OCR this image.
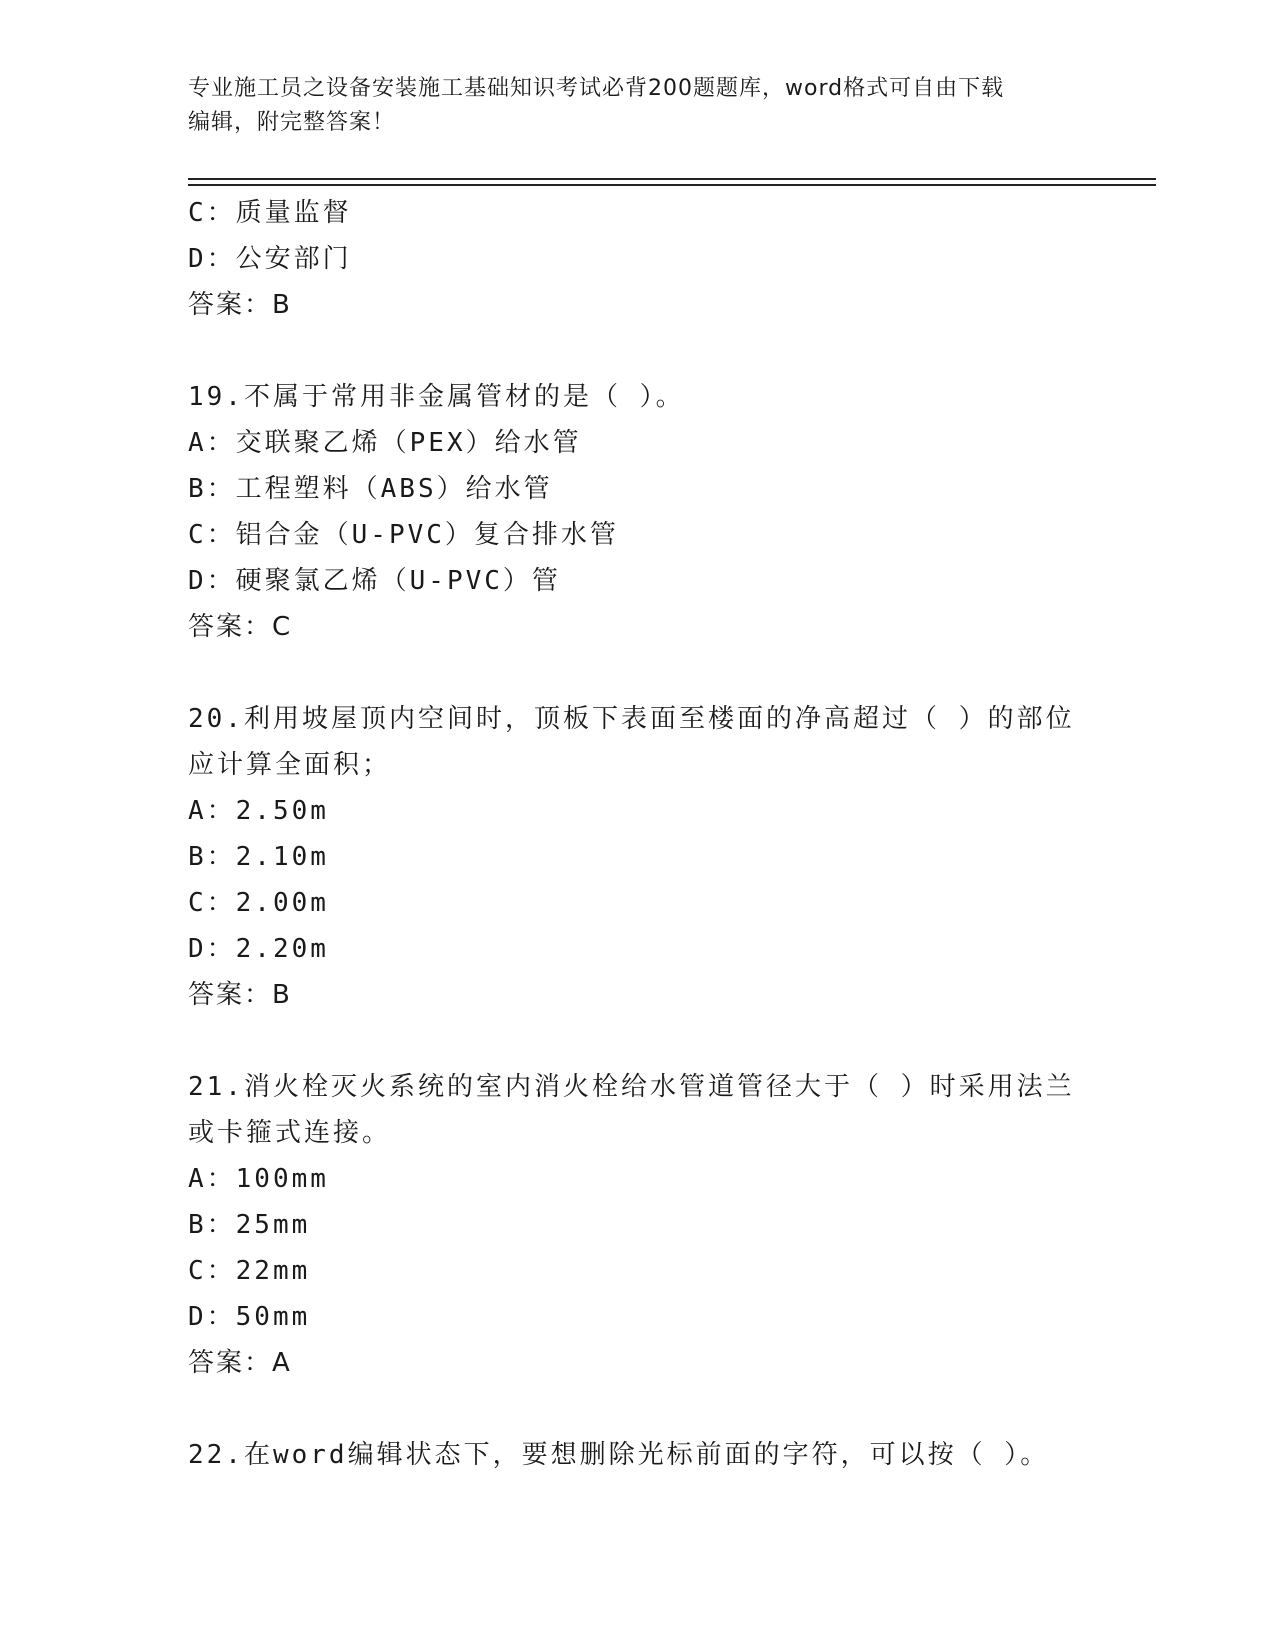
专业施工员之设备安装施工基础知识考试必背200题题库，word格式可自由下载
编辑，附完整答案！
C：质量监督
D：公安部门
答案：B
19.不属于常用非金属管材的是（ ）。
A：交联聚乙烯（PEX）给水管
B：工程塑料（ABS）给水管
C：铝合金（U-PVC）复合排水管
D：硬聚氯乙烯（U-PVC）管
答案：C
20.利用坡屋顶内空间时，顶板下表面至楼面的净高超过（ ）的部位
应计算全面积；
A：2.50m
B：2.10m
C：2.00m
D：2.20m
答案：B
21.消火栓灭火系统的室内消火栓给水管道管径大于（ ）时采用法兰
或卡箍式连接。
A：100mm
B：25mm
C：22mm
D：50mm
答案：A
22.在word编辑状态下，要想删除光标前面的字符，可以按（ ）。
